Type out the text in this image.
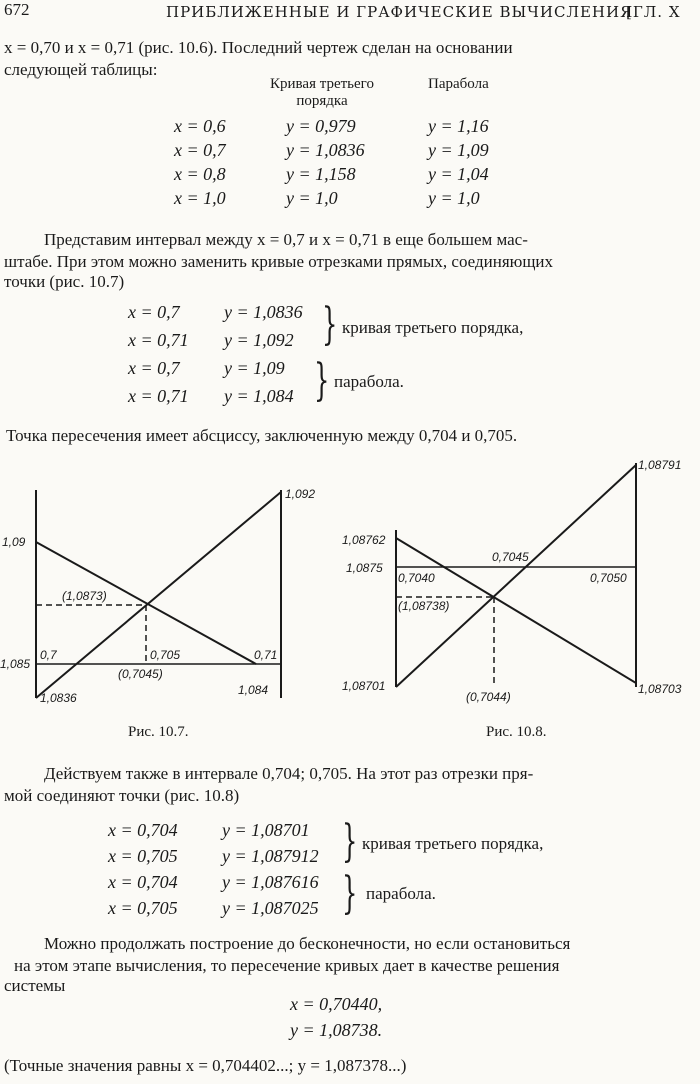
672	ПРИБЛИЖЕННЫЕ И ГРАФИЧЕСКИЕ ВЫЧИСЛЕНИЯ
[ГЛ. X
x = 0,70 и x = 0,71 (рис. 10.6). Последний чертеж сделан на основании
следующей таблицы:
Кривая третьего
порядка
Парабола
x = 0,6	y = 0,979	y = 1,16
x = 0,7	y = 1,0836	y = 1,09
x = 0,8	y = 1,158	y = 1,04
x = 1,0	y = 1,0	y = 1,0
Представим интервал между x = 0,7 и x = 0,71 в еще большем мас-
штабе. При этом можно заменить кривые отрезками прямых, соединяющих
точки (рис. 10.7)
x = 0,7 y = 1,0836
x = 0,71 y = 1,092 } кривая третьего порядка,
x = 0,7 y = 1,09
x = 0,71 y = 1,084 } парабола.
Точка пересечения имеет абсциссу, заключенную между 0,704 и 0,705.
1,092
1,09
1,085
(1,0873)
0,7	0,705	0,71
(0,7045)
1,0836
1,084
Рис. 10.7.
1,08791
1,08762
1,0875
0,7045
0,7040	0,7050
(1,08738)
1,08701
(0,7044)
1,08703
Рис. 10.8.
Действуем также в интервале 0,704; 0,705. На этот раз отрезки пря-
мой соединяют точки (рис. 10.8)
x = 0,704 y = 1,08701
x = 0,705 y = 1,087912 } кривая третьего порядка,
x = 0,704 y = 1,087616
x = 0,705 y = 1,087025 } парабола.
Можно продолжать построение до бесконечности, но если остановиться
на этом этапе вычисления, то пересечение кривых дает в качестве решения
системы
x = 0,70440,
y = 1,08738.
(Точные значения равны x = 0,704402...; y = 1,087378...)
